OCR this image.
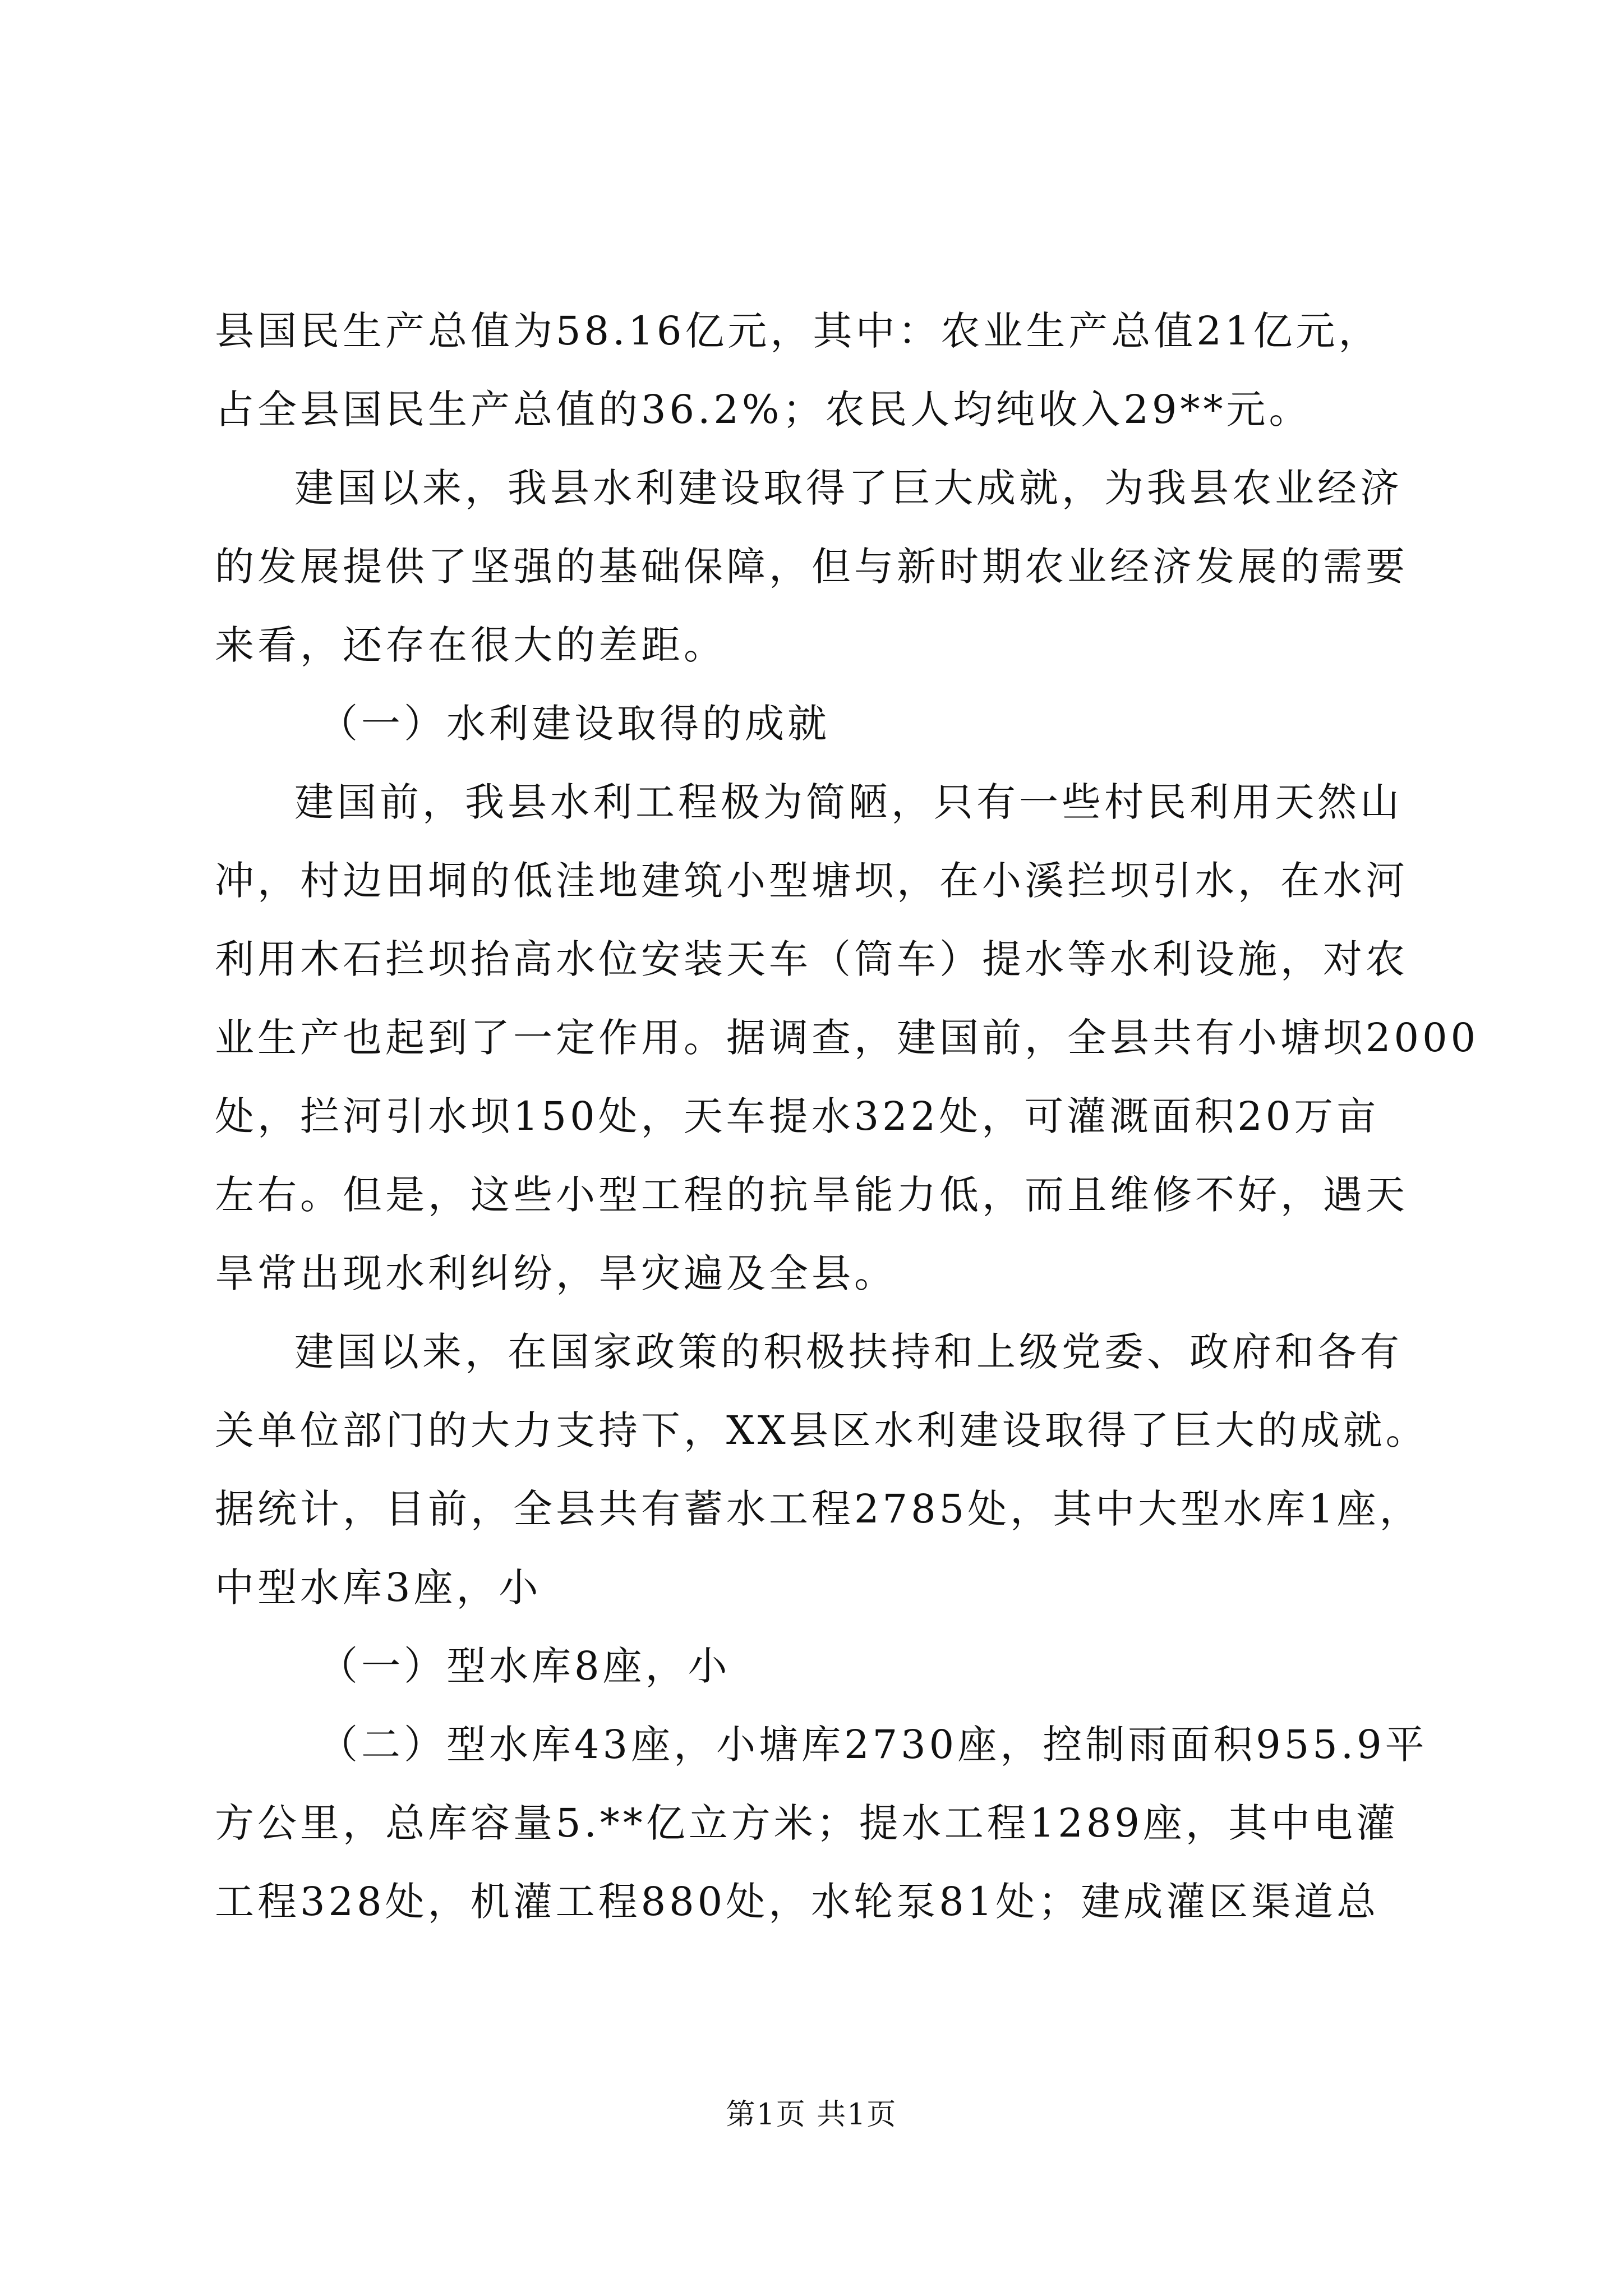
县国民生产总值为58.16亿元，其中：农业生产总值21亿元，
占全县国民生产总值的36.2%；农民人均纯收入29**元。
建国以来，我县水利建设取得了巨大成就，为我县农业经济
的发展提供了坚强的基础保障，但与新时期农业经济发展的需要
来看，还存在很大的差距。
（一）水利建设取得的成就
建国前，我县水利工程极为简陋，只有一些村民利用天然山
冲，村边田垌的低洼地建筑小型塘坝，在小溪拦坝引水，在水河
利用木石拦坝抬高水位安装天车（筒车）提水等水利设施，对农
业生产也起到了一定作用。据调查，建国前，全县共有小塘坝2000
处，拦河引水坝150处，天车提水322处，可灌溉面积20万亩
左右。但是，这些小型工程的抗旱能力低，而且维修不好，遇天
旱常出现水利纠纷，旱灾遍及全县。
建国以来，在国家政策的积极扶持和上级党委、政府和各有
关单位部门的大力支持下，XX县区水利建设取得了巨大的成就。
据统计，目前，全县共有蓄水工程2785处，其中大型水库1座，
中型水库3座，小
（一）型水库8座，小
（二）型水库43座，小塘库2730座，控制雨面积955.9平
方公里，总库容量5.**亿立方米；提水工程1289座，其中电灌
工程328处，机灌工程880处，水轮泵81处；建成灌区渠道总
第1页 共1页
